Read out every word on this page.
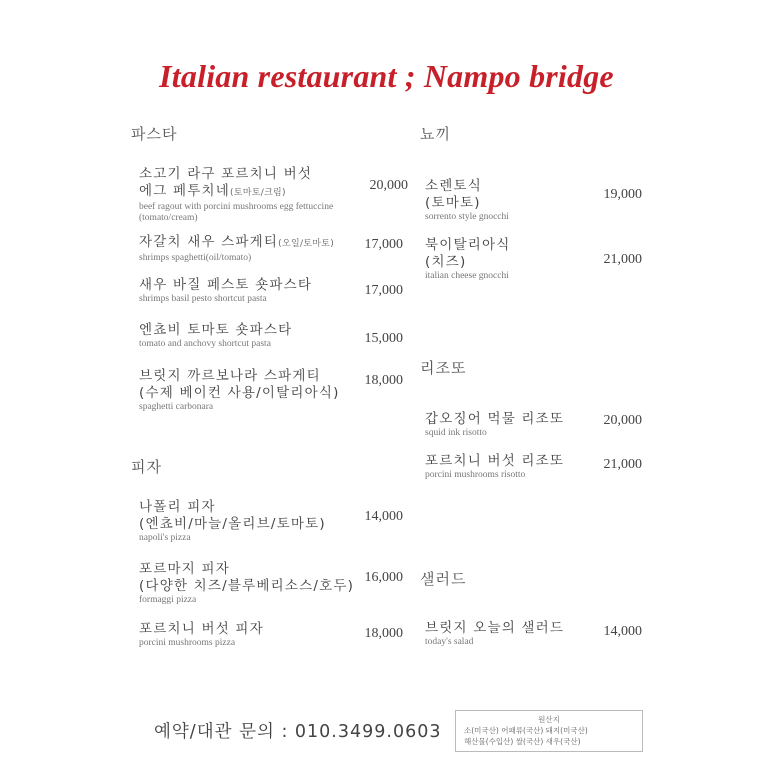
Italian restaurant ; Nampo bridge
파스타
소고기 라구 포르치니 버섯
에그 페투치네(토마토/크림)
beef ragout with porcini mushrooms egg fettuccine
(tomato/cream)
20,000
자갈치 새우 스파게티(오일/토마토)
shrimps spaghetti(oil/tomato)
17,000
새우 바질 페스토 숏파스타
shrimps basil pesto shortcut pasta
17,000
엔쵸비 토마토 숏파스타
tomato and anchovy shortcut pasta	15,000
브릿지 까르보나라 스파게티
(수제 베이컨 사용/이탈리아식)
spaghetti carbonara
18,000
피자
나폴리 피자
(엔쵸비/마늘/올리브/토마토)
napoli's pizza
14,000
포르마지 피자
(다양한 치즈/블루베리소스/호두)
formaggi pizza
16,000
포르치니 버섯 피자
porcini mushrooms pizza
18,000
뇨끼
소렌토식
(토마토)
sorrento style gnocchi
19,000
북이탈리아식
(치즈)
italian cheese gnocchi
21,000
리조또
갑오징어 먹물 리조또
squid ink risotto
20,000
포르치니 버섯 리조또
porcini mushrooms risotto
21,000
샐러드
브릿지 오늘의 샐러드
today's salad
14,000
예약/대관 문의 : 010.3499.0603
원산지
소(미국산) 어패류(국산) 돼지(미국산)
해산물(수입산) 쌀(국산) 새우(국산)
